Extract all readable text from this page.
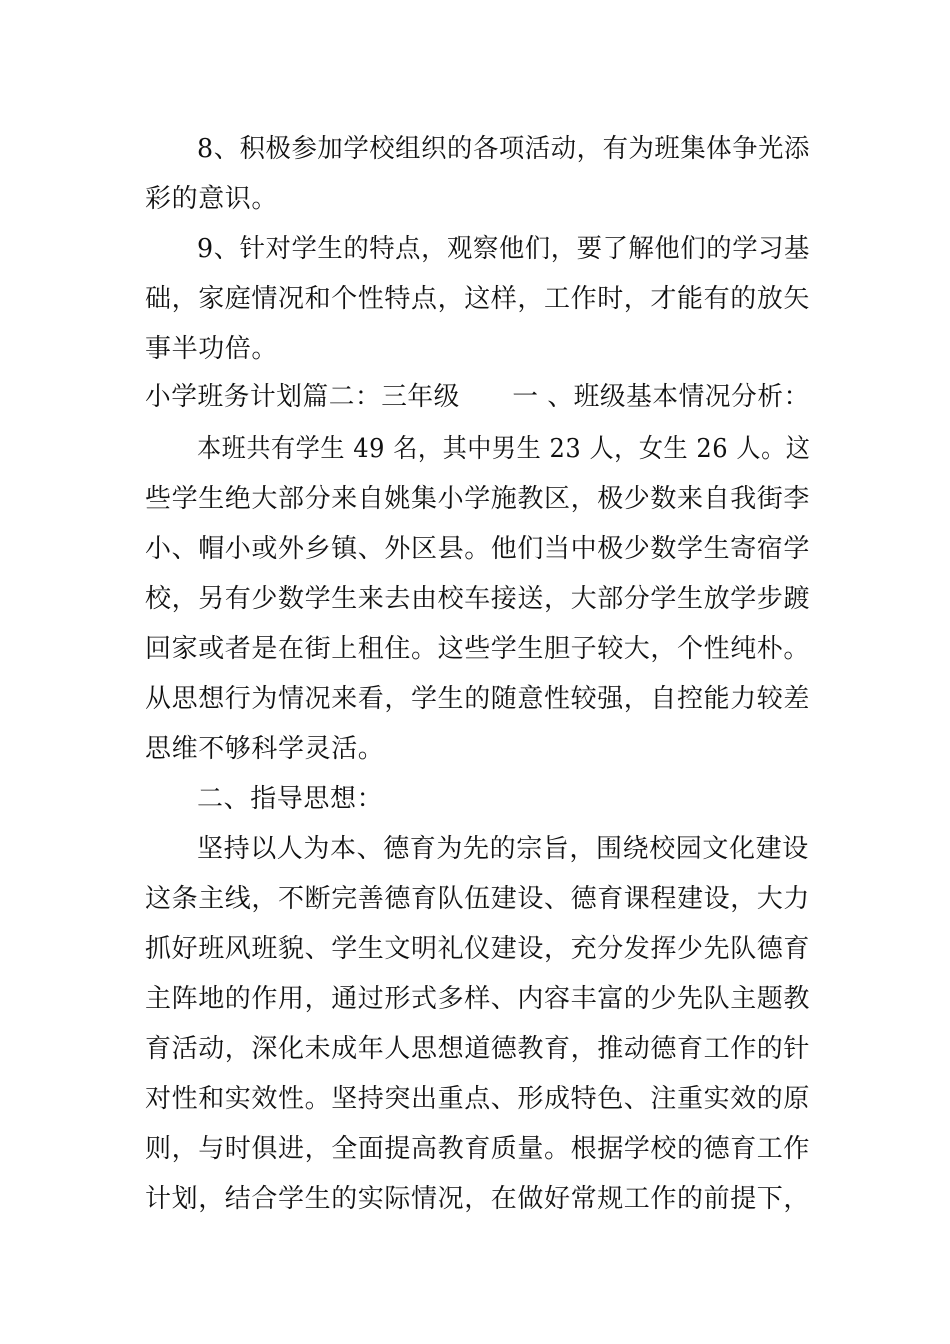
8、积极参加学校组织的各项活动，有为班集体争光添
彩的意识。
9、针对学生的特点，观察他们，要了解他们的学习基
础，家庭情况和个性特点，这样，工作时，才能有的放矢
事半功倍。
小学班务计划篇二：三年级　　一 、班级基本情况分析：
本班共有学生 49 名，其中男生 23 人，女生 26 人。这
些学生绝大部分来自姚集小学施教区，极少数来自我街李
小、帽小或外乡镇、外区县。他们当中极少数学生寄宿学
校，另有少数学生来去由校车接送，大部分学生放学步踱
回家或者是在街上租住。这些学生胆子较大，个性纯朴。
从思想行为情况来看，学生的随意性较强，自控能力较差
思维不够科学灵活。
二、指导思想：
坚持以人为本、德育为先的宗旨，围绕校园文化建设
这条主线，不断完善德育队伍建设、德育课程建设，大力
抓好班风班貌、学生文明礼仪建设，充分发挥少先队德育
主阵地的作用，通过形式多样、内容丰富的少先队主题教
育活动，深化未成年人思想道德教育，推动德育工作的针
对性和实效性。坚持突出重点、形成特色、注重实效的原
则，与时俱进，全面提高教育质量。根据学校的德育工作
计划，结合学生的实际情况，在做好常规工作的前提下，
